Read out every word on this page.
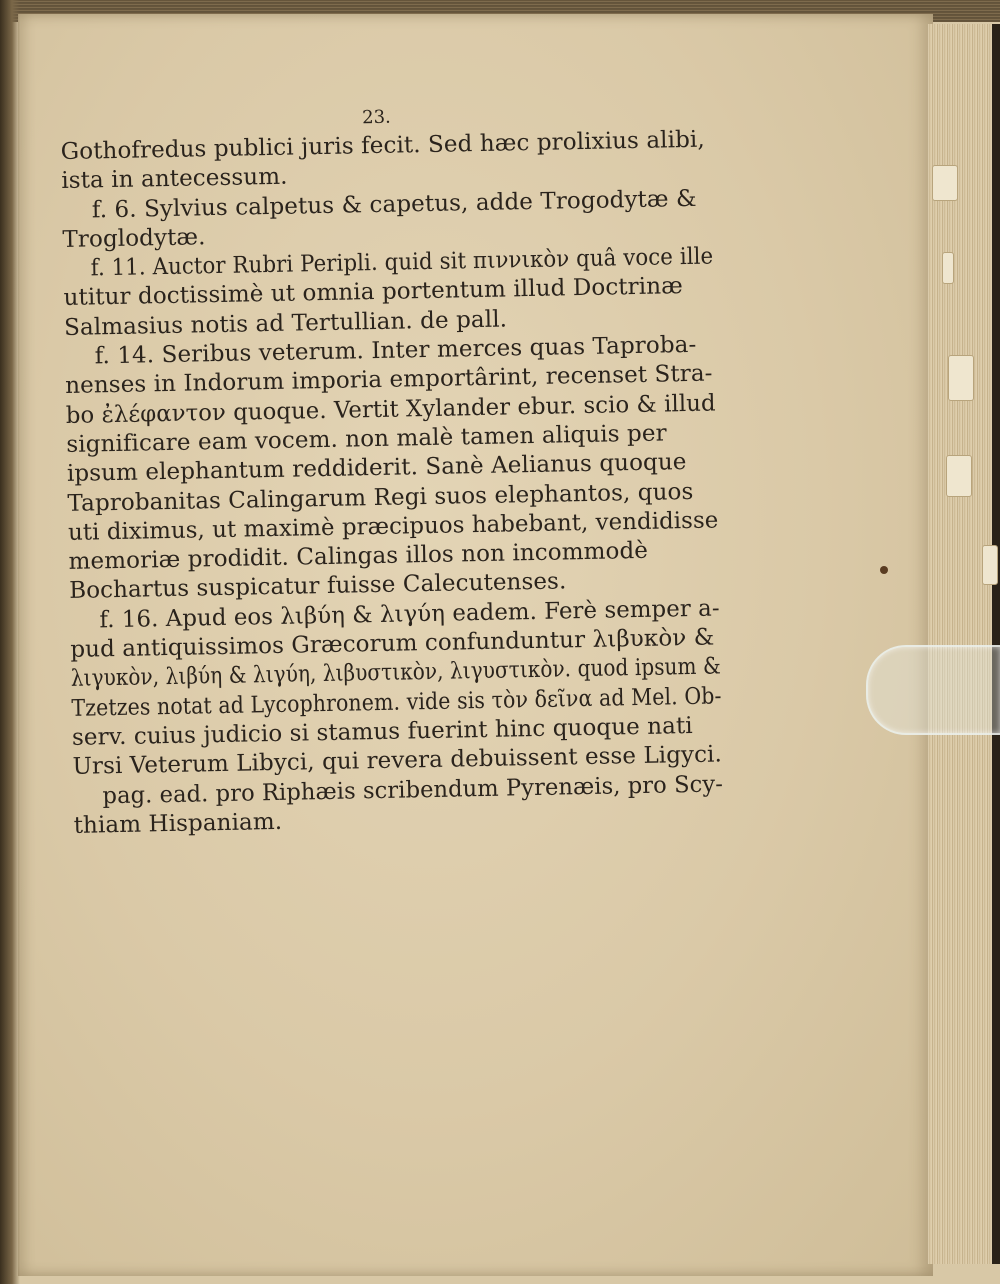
23.
Gothofredus publici juris fecit. Sed hæc prolixius alibi,
ista in antecessum.
f. 6. Sylvius calpetus & capetus, adde Trogodytæ &
Troglodytæ.
f. 11. Auctor Rubri Peripli. quid sit πιννικὸν quâ voce ille
utitur doctissimè ut omnia portentum illud Doctrinæ
Salmasius notis ad Tertullian. de pall.
f. 14. Seribus veterum. Inter merces quas Taproba-
nenses in Indorum imporia emportârint, recenset Stra-
bo ἐλέφαντον quoque. Vertit Xylander ebur. scio & illud
significare eam vocem. non malè tamen aliquis per
ipsum elephantum reddiderit. Sanè Aelianus quoque
Taprobanitas Calingarum Regi suos elephantos, quos
uti diximus, ut maximè præcipuos habebant, vendidisse
memoriæ prodidit. Calingas illos non incommodè
Bochartus suspicatur fuisse Calecutenses.
f. 16. Apud eos λιβύη & λιγύη eadem. Ferè semper a-
pud antiquissimos Græcorum confunduntur λιβυκὸν &
λιγυκὸν, λιβύη & λιγύη, λιβυστικὸν, λιγυστικὸν. quod ipsum &Tzetzes notat ad Lycophronem. vide sis τὸν δεῖνα ad Mel. Ob-
serv. cuius judicio si stamus fuerint hinc quoque nati
Ursi Veterum Libyci, qui revera debuissent esse Ligyci.pag. ead. pro Riphæis scribendum Pyrenæis, pro Scy-
thiam Hispaniam.
